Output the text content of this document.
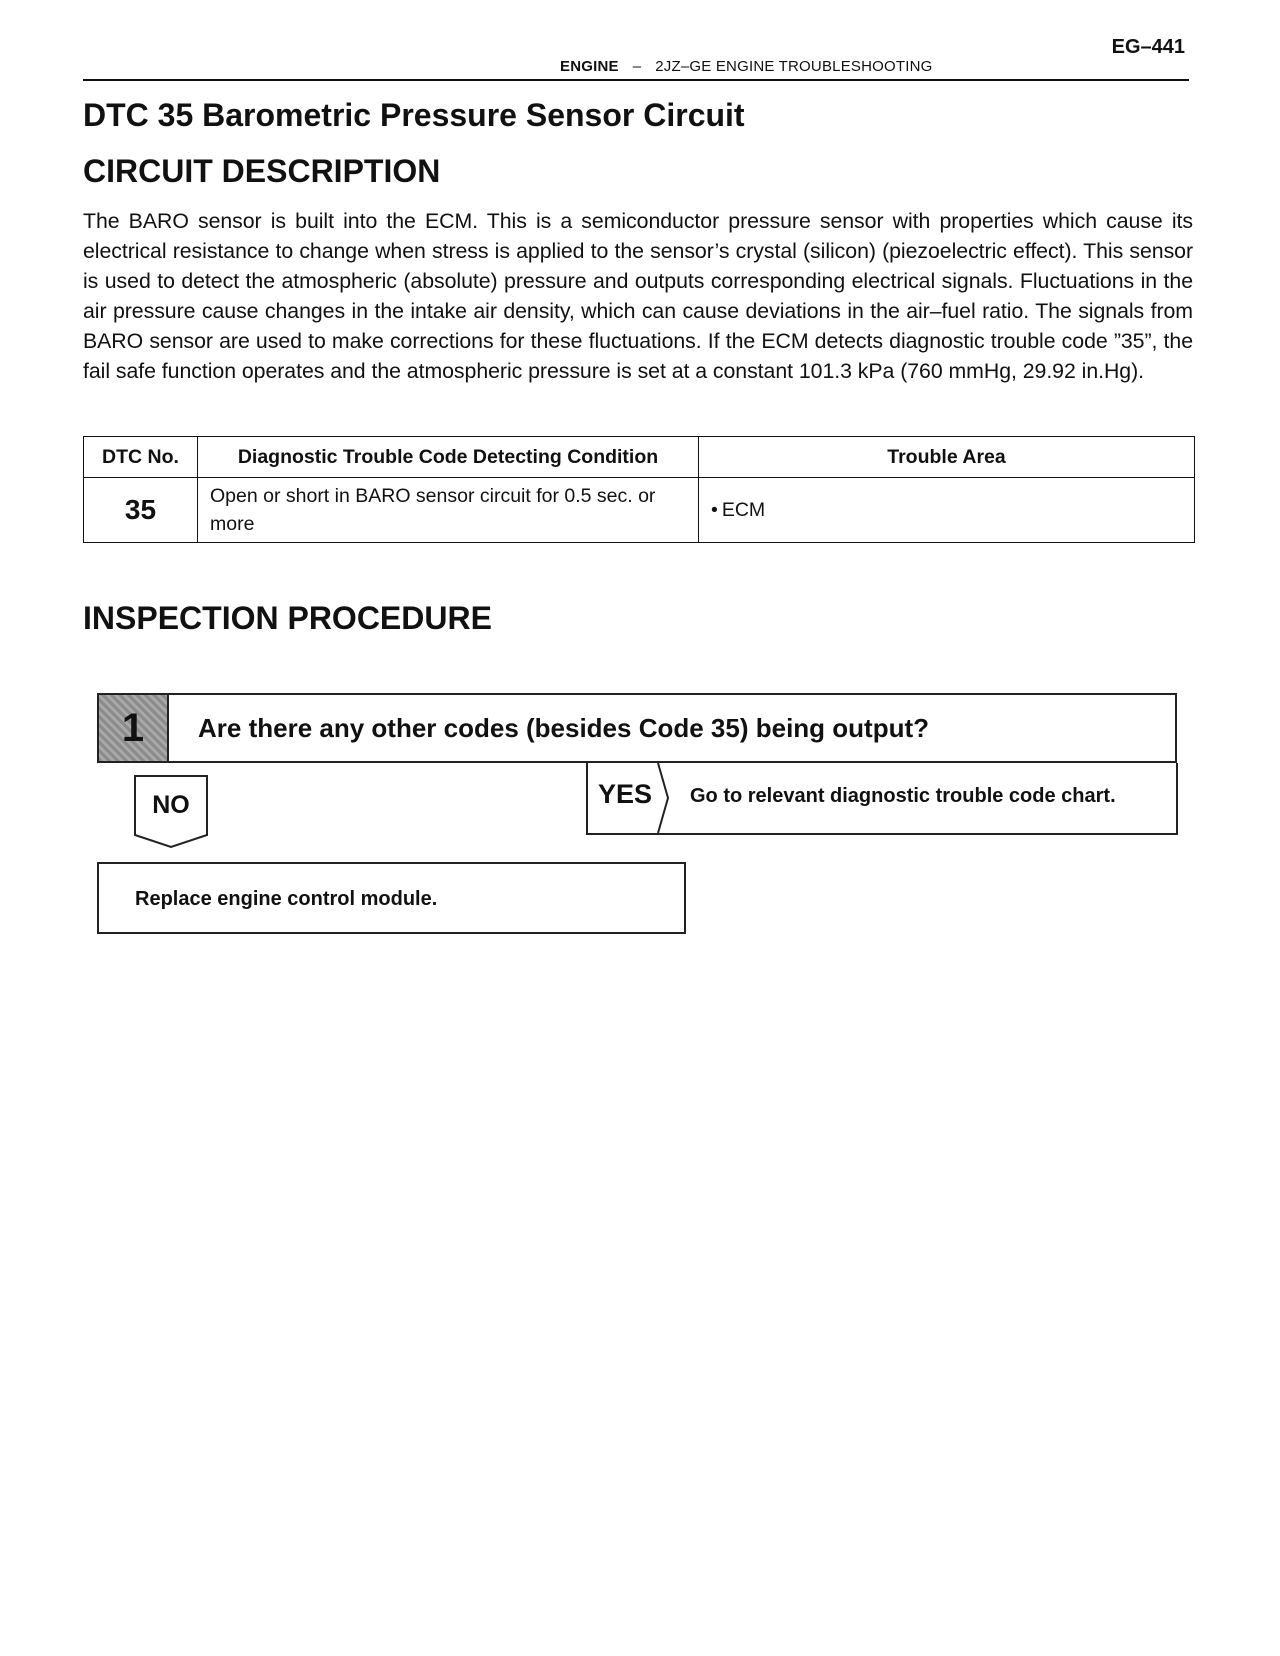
EG–441
ENGINE – 2JZ–GE ENGINE TROUBLESHOOTING
DTC 35 Barometric Pressure Sensor Circuit
CIRCUIT DESCRIPTION

The BARO sensor is built into the ECM. This is a semiconductor pressure sensor with properties which cause its electrical resistance to change when stress is applied to the sensor’s crystal (silicon) (piezoelectric effect). This sensor is used to detect the atmospheric (absolute) pressure and outputs corresponding electrical signals. Fluctuations in the air pressure cause changes in the intake air density, which can cause deviations in the air–fuel ratio. The signals from BARO sensor are used to make corrections for these fluctuations. If the ECM detects diagnostic trouble code ”35”, the fail safe function operates and the atmospheric pressure is set at a constant 101.3 kPa (760 mmHg, 29.92 in.Hg).

DTC No.	Diagnostic Trouble Code Detecting Condition	Trouble Area
35	Open or short in BARO sensor circuit for 0.5 sec. or more	• ECM
INSPECTION PROCEDURE
1	Are there any other codes (besides Code 35) being output?
NO	YES Go to relevant diagnostic trouble code chart.
Replace engine control module.
